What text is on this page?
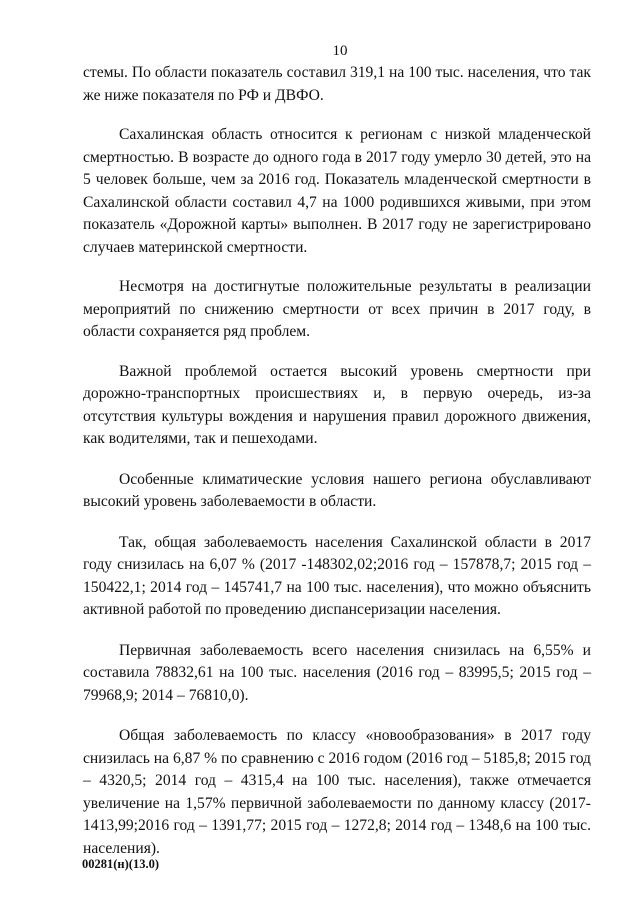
10

стемы. По области показатель составил 319,1 на 100 тыс. населения, что так же ниже показателя по РФ и ДВФО.

Сахалинская область относится к регионам с низкой младенческой смертностью. В возрасте до одного года в 2017 году умерло 30 детей, это на 5 человек больше, чем за 2016 год. Показатель младенческой смертности в Сахалинской области составил 4,7 на 1000 родившихся живыми, при этом показатель «Дорожной карты» выполнен. В 2017 году не зарегистрировано случаев материнской смертности.

Несмотря на достигнутые положительные результаты в реализации мероприятий по снижению смертности от всех причин в 2017 году, в области сохраняется ряд проблем.

Важной проблемой остается высокий уровень смертности при дорожно-транспортных происшествиях и, в первую очередь, из-за отсутствия культуры вождения и нарушения правил дорожного движения, как водителями, так и пешеходами.

Особенные климатические условия нашего региона обуславливают высокий уровень заболеваемости в области.

Так, общая заболеваемость населения Сахалинской области в 2017 году снизилась на 6,07 % (2017 -148302,02;2016 год – 157878,7; 2015 год – 150422,1; 2014 год – 145741,7 на 100 тыс. населения), что можно объяснить активной работой по проведению диспансеризации населения.

Первичная заболеваемость всего населения снизилась на 6,55% и составила 78832,61 на 100 тыс. населения (2016 год – 83995,5; 2015 год – 79968,9; 2014 – 76810,0).

Общая заболеваемость по классу «новообразования» в 2017 году снизилась на 6,87 % по сравнению с 2016 годом (2016 год – 5185,8; 2015 год – 4320,5; 2014 год – 4315,4 на 100 тыс. населения), также отмечается увеличение на 1,57% первичной заболеваемости по данному классу (2017-1413,99;2016 год – 1391,77; 2015 год – 1272,8; 2014 год – 1348,6 на 100 тыс. населения).

00281(н)(13.0)
